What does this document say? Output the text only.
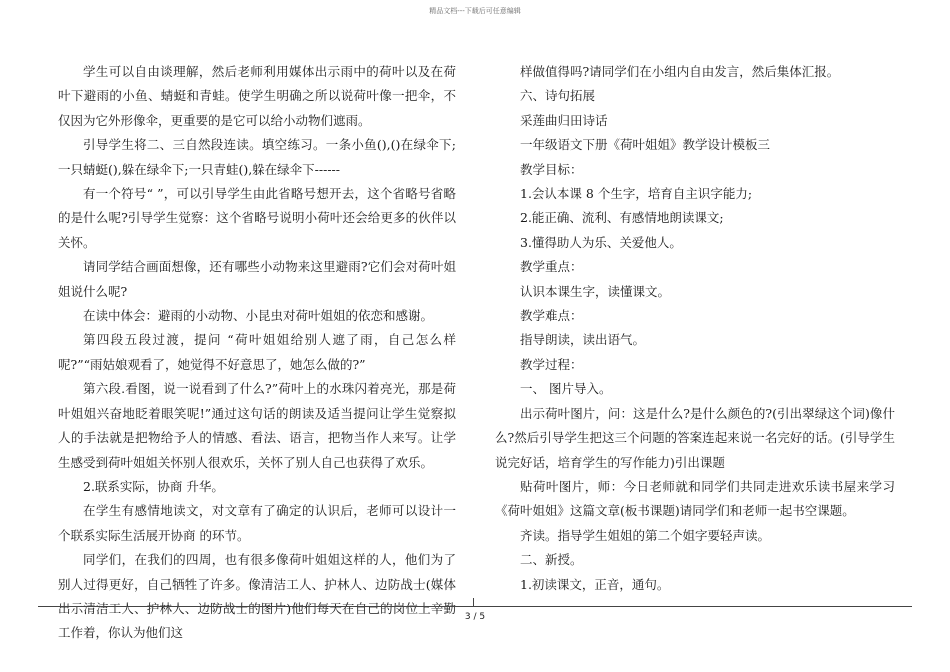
精品文档---下载后可任意编辑

学生可以自由谈理解，然后老师利用媒体出示雨中的荷叶以及在荷叶下避雨的小鱼、蜻蜓和青蛙。使学生明确之所以说荷叶像一把伞，不仅因为它外形像伞，更重要的是它可以给小动物们遮雨。

引导学生将二、三自然段连读。填空练习。一条小鱼(),()在绿伞下;一只蜻蜓(),躲在绿伞下;一只青蛙(),躲在绿伞下------

有一个符号“ ”，可以引导学生由此省略号想开去，这个省略号省略的是什么呢?引导学生觉察：这个省略号说明小荷叶还会给更多的伙伴以关怀。

请同学结合画面想像，还有哪些小动物来这里避雨?它们会对荷叶姐姐说什么呢?

在读中体会：避雨的小动物、小昆虫对荷叶姐姐的依恋和感谢。

第四段五段过渡，提问 “荷叶姐姐给别人遮了雨，自己怎么样呢?”“雨姑娘观看了，她觉得不好意思了，她怎么做的?”

第六段.看图，说一说看到了什么?”荷叶上的水珠闪着亮光，那是荷叶姐姐兴奋地眨着眼笑呢!”通过这句话的朗读及适当提问让学生觉察拟人的手法就是把物给予人的情感、看法、语言，把物当作人来写。让学生感受到荷叶姐姐关怀别人很欢乐，关怀了别人自己也获得了欢乐。

2.联系实际，协商 升华。

在学生有感情地读文，对文章有了确定的认识后，老师可以设计一个联系实际生活展开协商 的环节。

同学们，在我们的四周，也有很多像荷叶姐姐这样的人，他们为了别人过得更好，自己牺牲了许多。像清洁工人、护林人、边防战士(媒体出示清洁工人、护林人、边防战士的图片)他们每天在自己的岗位上辛勤工作着，你认为他们这

样做值得吗?请同学们在小组内自由发言，然后集体汇报。

六、诗句拓展

采莲曲归田诗话

一年级语文下册《荷叶姐姐》教学设计模板三

教学目标：

1.会认本课 8 个生字，培育自主识字能力;

2.能正确、流利、有感情地朗读课文;

3.懂得助人为乐、关爱他人。

教学重点：

认识本课生字，读懂课文。

教学难点：

指导朗读，读出语气。

教学过程：

一、 图片导入。

出示荷叶图片，问：这是什么?是什么颜色的?(引出翠绿这个词)像什么?然后引导学生把这三个问题的答案连起来说一名完好的话。(引导学生说完好话，培育学生的写作能力)引出课题

贴荷叶图片，师：今日老师就和同学们共同走进欢乐读书屋来学习《荷叶姐姐》这篇文章(板书课题)请同学们和老师一起书空课题。

齐读。指导学生姐姐的第二个姐字要轻声读。

二、新授。

1.初读课文，正音，通句。

3 / 5
